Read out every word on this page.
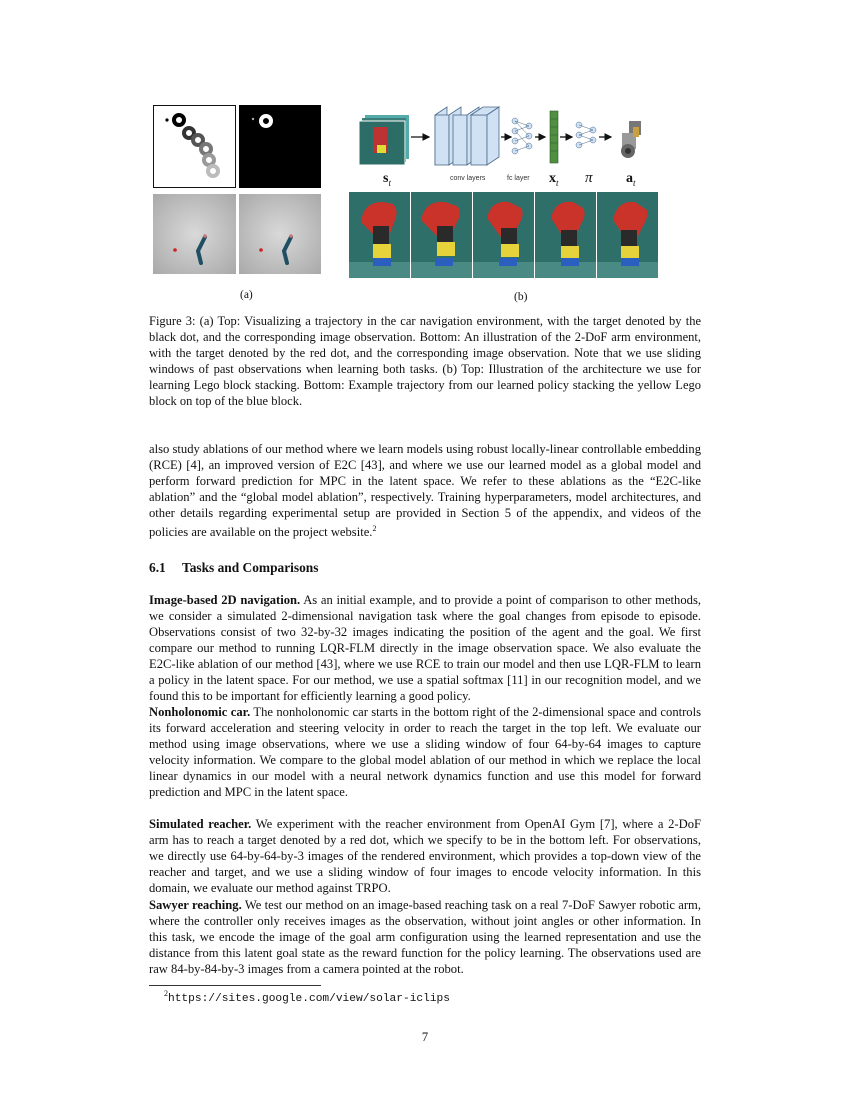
(a)
conv layers	fc layer
$s_t$	$x_t$ π $a_t$
(b)

Figure 3: (a) Top: Visualizing a trajectory in the car navigation environment, with the target denoted by the black dot, and the corresponding image observation. Bottom: An illustration of the 2-DoF arm environment, with the target denoted by the red dot, and the corresponding image observation. Note that we use sliding windows of past observations when learning both tasks. (b) Top: Illustration of the architecture we use for learning Lego block stacking. Bottom: Example trajectory from our learned policy stacking the yellow Lego block on top of the blue block.

also study ablations of our method where we learn models using robust locally-linear controllable embedding (RCE) [4], an improved version of E2C [43], and where we use our learned model as a global model and perform forward prediction for MPC in the latent space. We refer to these ablations as the “E2C-like ablation” and the “global model ablation”, respectively. Training hyperparameters, model architectures, and other details regarding experimental setup are provided in Section 5 of the appendix, and videos of the policies are available on the project website.$^2$

6.1 Tasks and Comparisons

Image-based 2D navigation. As an initial example, and to provide a point of comparison to other methods, we consider a simulated 2-dimensional navigation task where the goal changes from episode to episode. Observations consist of two 32-by-32 images indicating the position of the agent and the goal. We first compare our method to running LQR-FLM directly in the image observation space. We also evaluate the E2C-like ablation of our method [43], where we use RCE to train our model and then use LQR-FLM to learn a policy in the latent space. For our method, we use a spatial softmax [11] in our recognition model, and we found this to be important for efficiently learning a good policy.

Nonholonomic car. The nonholonomic car starts in the bottom right of the 2-dimensional space and controls its forward acceleration and steering velocity in order to reach the target in the top left. We evaluate our method using image observations, where we use a sliding window of four 64-by-64 images to capture velocity information. We compare to the global model ablation of our method in which we replace the local linear dynamics in our model with a neural network dynamics function and use this model for forward prediction and MPC in the latent space.

Simulated reacher. We experiment with the reacher environment from OpenAI Gym [7], where a 2-DoF arm has to reach a target denoted by a red dot, which we specify to be in the bottom left. For observations, we directly use 64-by-64-by-3 images of the rendered environment, which provides a top-down view of the reacher and target, and we use a sliding window of four images to encode velocity information. In this domain, we evaluate our method against TRPO.

Sawyer reaching. We test our method on an image-based reaching task on a real 7-DoF Sawyer robotic arm, where the controller only receives images as the observation, without joint angles or other information. In this task, we encode the image of the goal arm configuration using the learned representation and use the distance from this latent goal state as the reward function for the policy learning. The observations used are raw 84-by-84-by-3 images from a camera pointed at the robot.

$^2$https://sites.google.com/view/solar-iclips
7
